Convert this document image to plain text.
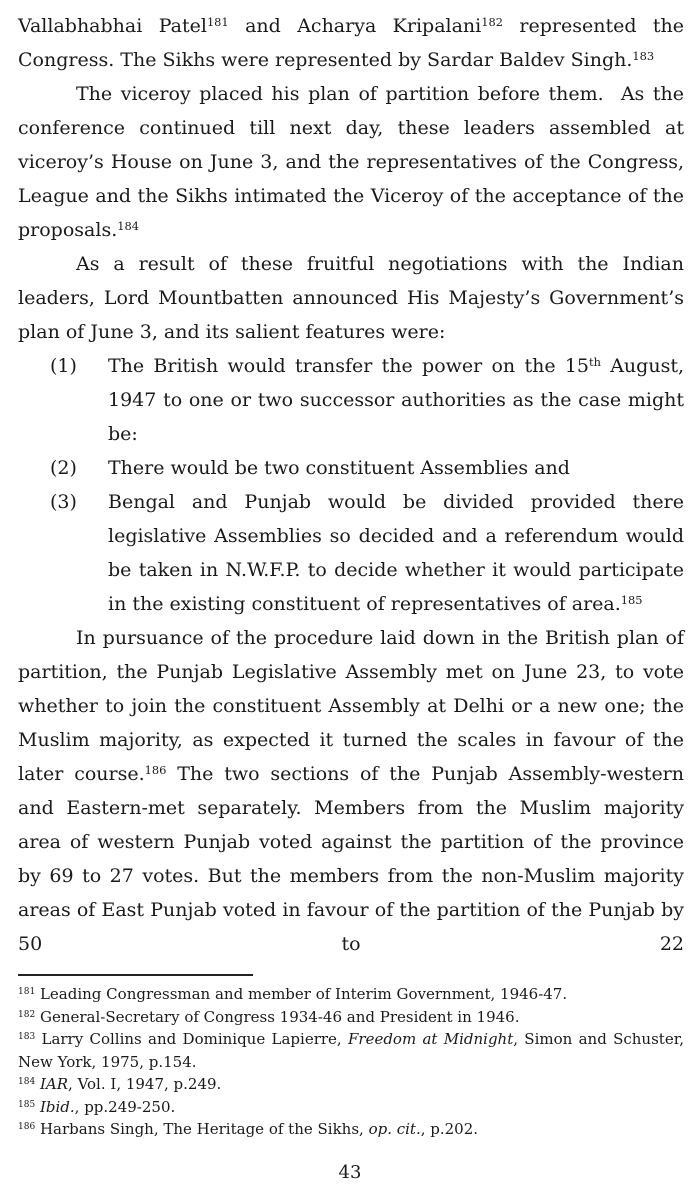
Vallabhabhai Patel$^{181}$ and Acharya Kripalani$^{182}$ represented the Congress. The Sikhs were represented by Sardar Baldev Singh.$^{183}$
The viceroy placed his plan of partition before them.  As the conference continued till next day, these leaders assembled at viceroy’s House on June 3, and the representatives of the Congress, League and the Sikhs intimated the Viceroy of the acceptance of the proposals.$^{184}$
As a result of these fruitful negotiations with the Indian leaders, Lord Mountbatten announced His Majesty’s Government’s plan of June 3, and its salient features were:
(1)	The British would transfer the power on the 15th August, 1947 to one or two successor authorities as the case might be:
(2)	There would be two constituent Assemblies and
(3)	Bengal and Punjab would be divided provided there legislative Assemblies so decided and a referendum would be taken in N.W.F.P. to decide whether it would participate in the existing constituent of representatives of area.$^{185}$
In pursuance of the procedure laid down in the British plan of partition, the Punjab Legislative Assembly met on June 23, to vote whether to join the constituent Assembly at Delhi or a new one; the Muslim majority, as expected it turned the scales in favour of the later course.$^{186}$ The two sections of the Punjab Assembly-western and Eastern-met separately. Members from the Muslim majority area of western Punjab voted against the partition of the province by 69 to 27 votes. But the members from the non-Muslim majority areas of East Punjab voted in favour of the partition of the Punjab by 50 to 22
$^{181}$ Leading Congressman and member of Interim Government, 1946-47.
$^{182}$ General-Secretary of Congress 1934-46 and President in 1946.
$^{183}$ Larry Collins and Dominique Lapierre, Freedom at Midnight, Simon and Schuster, New York, 1975, p.154.
$^{184}$ IAR, Vol. I, 1947, p.249.
$^{185}$ Ibid., pp.249-250.
$^{186}$ Harbans Singh, The Heritage of the Sikhs, op. cit., p.202.
43
